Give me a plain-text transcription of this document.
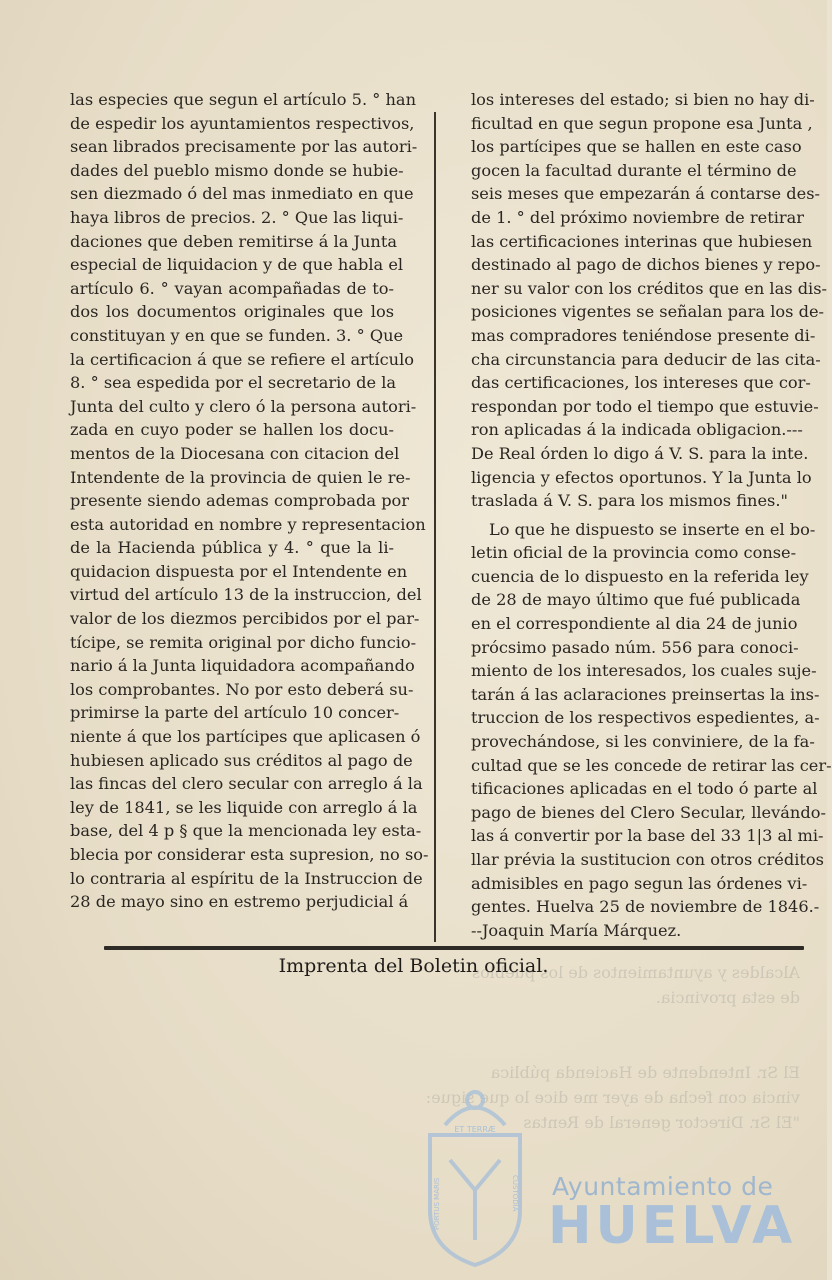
Alcaldes y ayuntamientos de los pueblos
de esta provincia.
El Sr. Intendente de Hacienda pública
vincia con fecha de ayer me dice lo que sigue:
"El Sr. Director general de Rentas
las especies que segun el artículo 5. ° han
de espedir los ayuntamientos respectivos,
sean librados precisamente por las autori-
dades del pueblo mismo donde se hubie-
sen diezmado ó del mas inmediato en que
haya libros de precios. 2. ° Que las liqui-
daciones que deben remitirse á la Junta
especial de liquidacion y de que habla el
artículo 6. ° vayan acompañadas de to-
dos los documentos originales que los
constituyan y en que se funden. 3. ° Que
la certificacion á que se refiere el artículo
8. ° sea espedida por el secretario de la
Junta del culto y clero ó la persona autori-
zada en cuyo poder se hallen los docu-
mentos de la Diocesana con citacion del
Intendente de la provincia de quien le re-
presente siendo ademas comprobada por
esta autoridad en nombre y representacion
de la Hacienda pública y 4. ° que la li-
quidacion dispuesta por el Intendente en
virtud del artículo 13 de la instruccion, del
valor de los diezmos percibidos por el par-
tícipe, se remita original por dicho funcio-
nario á la Junta liquidadora acompañando
los comprobantes. No por esto deberá su-
primirse la parte del artículo 10 concer-
niente á que los partícipes que aplicasen ó
hubiesen aplicado sus créditos al pago de
las fincas del clero secular con arreglo á la
ley de 1841, se les liquide con arreglo á la
base, del 4 p § que la mencionada ley esta-
blecia por considerar esta supresion, no so-
lo contraria al espíritu de la Instruccion de
28 de mayo sino en estremo perjudicial á
los intereses del estado; si bien no hay di-
ficultad en que segun propone esa Junta ,
los partícipes que se hallen en este caso
gocen la facultad durante el término de
seis meses que empezarán á contarse des-
de 1. ° del próximo noviembre de retirar
las certificaciones interinas que hubiesen
destinado al pago de dichos bienes y repo-
ner su valor con los créditos que en las dis-
posiciones vigentes se señalan para los de-
mas compradores teniéndose presente di-
cha circunstancia para deducir de las cita-
das certificaciones, los intereses que cor-
respondan por todo el tiempo que estuvie-
ron aplicadas á la indicada obligacion.---
De Real órden lo digo á V. S. para la inte.
ligencia y efectos oportunos. Y la Junta lo
traslada á V. S. para los mismos fines."
Lo que he dispuesto se inserte en el bo-
letin oficial de la provincia como conse-
cuencia de lo dispuesto en la referida ley
de 28 de mayo último que fué publicada
en el correspondiente al dia 24 de junio
prócsimo pasado núm. 556 para conoci-
miento de los interesados, los cuales suje-
tarán á las aclaraciones preinsertas la ins-
truccion de los respectivos espedientes, a-
provechándose, si les conviniere, de la fa-
cultad que se les concede de retirar las cer-
tificaciones aplicadas en el todo ó parte al
pago de bienes del Clero Secular, llevándo-
las á convertir por la base del 33 1|3 al mi-
llar prévia la sustitucion con otros créditos
admisibles en pago segun las órdenes vi-
gentes. Huelva 25 de noviembre de 1846.-
--Joaquin María Márquez.
Imprenta del Boletin oficial.
ET TERRÆ
PORTUS MARIS	CUSTODIA Ayuntamiento de
HUELVA
